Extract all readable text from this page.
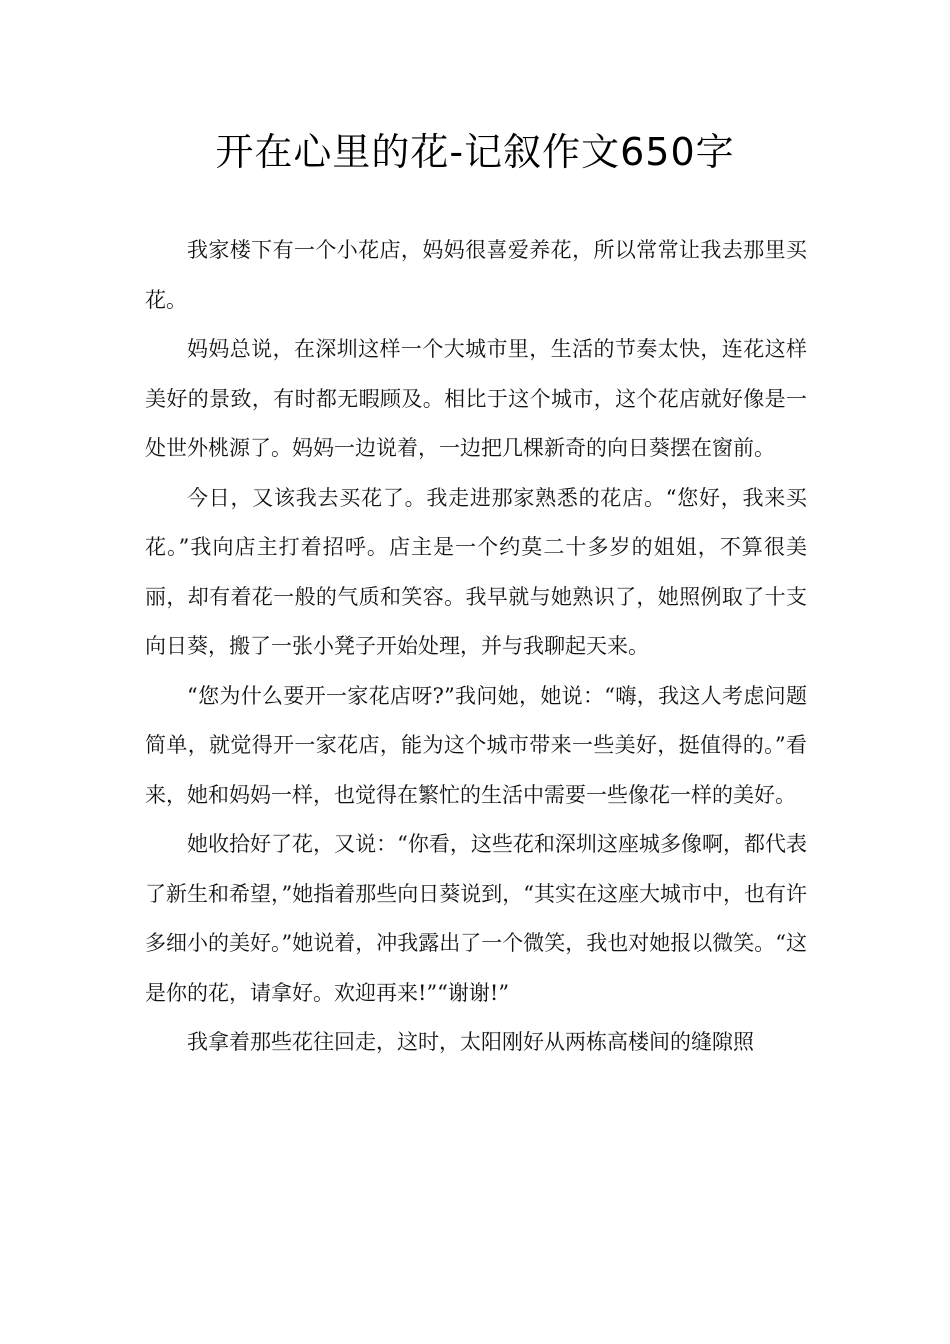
开在心里的花-记叙作文650字

我家楼下有一个小花店，妈妈很喜爱养花，所以常常让我去那里买花。

妈妈总说，在深圳这样一个大城市里，生活的节奏太快，连花这样美好的景致，有时都无暇顾及。相比于这个城市，这个花店就好像是一处世外桃源了。妈妈一边说着，一边把几棵新奇的向日葵摆在窗前。

今日，又该我去买花了。我走进那家熟悉的花店。“您好，我来买花。”我向店主打着招呼。店主是一个约莫二十多岁的姐姐，不算很美丽，却有着花一般的气质和笑容。我早就与她熟识了，她照例取了十支向日葵，搬了一张小凳子开始处理，并与我聊起天来。

“您为什么要开一家花店呀?”我问她，她说：“嗨，我这人考虑问题简单，就觉得开一家花店，能为这个城市带来一些美好，挺值得的。”看来，她和妈妈一样，也觉得在繁忙的生活中需要一些像花一样的美好。

她收拾好了花，又说：“你看，这些花和深圳这座城多像啊，都代表了新生和希望，”她指着那些向日葵说到，“其实在这座大城市中，也有许多细小的美好。”她说着，冲我露出了一个微笑，我也对她报以微笑。“这是你的花，请拿好。欢迎再来!”“谢谢!”

我拿着那些花往回走，这时，太阳刚好从两栋高楼间的缝隙照
